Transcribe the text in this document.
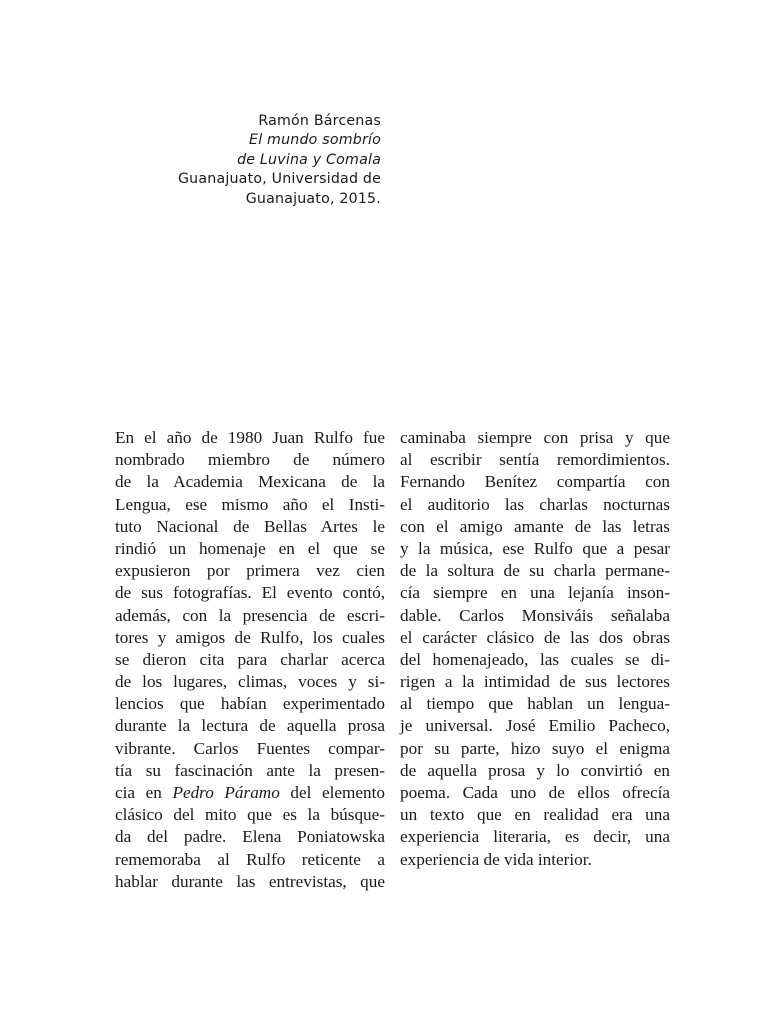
Ramón Bárcenas
El mundo sombrío
de Luvina y Comala
Guanajuato, Universidad de
Guanajuato, 2015.
En el año de 1980 Juan Rulfo fue
nombrado miembro de número
de la Academia Mexicana de la
Lengua, ese mismo año el Insti-
tuto Nacional de Bellas Artes le
rindió un homenaje en el que se
expusieron por primera vez cien
de sus fotografías. El evento contó,
además, con la presencia de escri-
tores y amigos de Rulfo, los cuales
se dieron cita para charlar acerca
de los lugares, climas, voces y si-
lencios que habían experimentado
durante la lectura de aquella prosa
vibrante. Carlos Fuentes compar-
tía su fascinación ante la presen-
cia en Pedro Páramo del elemento
clásico del mito que es la búsque-
da del padre. Elena Poniatowska
rememoraba al Rulfo reticente a
hablar durante las entrevistas, que
caminaba siempre con prisa y que
al escribir sentía remordimientos.
Fernando Benítez compartía con
el auditorio las charlas nocturnas
con el amigo amante de las letras
y la música, ese Rulfo que a pesar
de la soltura de su charla permane-
cía siempre en una lejanía inson-
dable. Carlos Monsiváis señalaba
el carácter clásico de las dos obras
del homenajeado, las cuales se di-
rigen a la intimidad de sus lectores
al tiempo que hablan un lengua-
je universal. José Emilio Pacheco,
por su parte, hizo suyo el enigma
de aquella prosa y lo convirtió en
poema. Cada uno de ellos ofrecía
un texto que en realidad era una
experiencia literaria, es decir, una
experiencia de vida interior.
